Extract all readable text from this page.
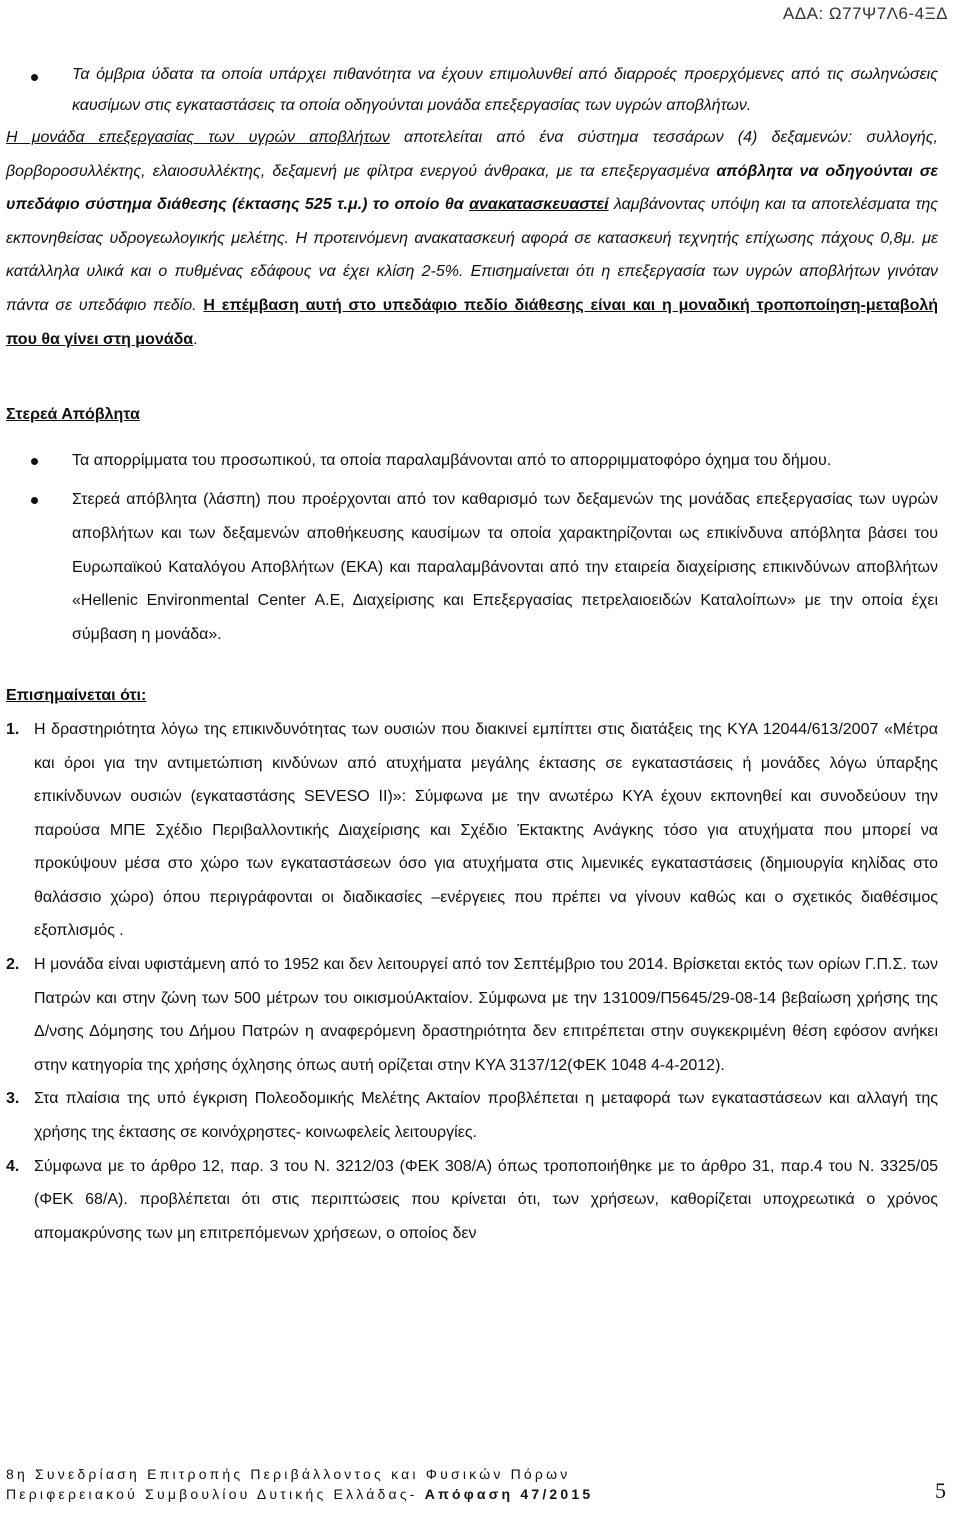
ΑΔΑ: Ω77Ψ7Λ6-4ΞΔ

Τα όμβρια ύδατα τα οποία υπάρχει πιθανότητα να έχουν επιμολυνθεί από διαρροές προερχόμενες από τις σωληνώσεις καυσίμων στις εγκαταστάσεις τα οποία οδηγούνται μονάδα επεξεργασίας των υγρών αποβλήτων.

Η μονάδα επεξεργασίας των υγρών αποβλήτων αποτελείται από ένα σύστημα τεσσάρων (4) δεξαμενών: συλλογής, βορβοροσυλλέκτης, ελαιοσυλλέκτης, δεξαμενή με φίλτρα ενεργού άνθρακα, με τα επεξεργασμένα απόβλητα να οδηγούνται σε υπεδάφιο σύστημα διάθεσης (έκτασης 525 τ.μ.) το οποίο θα ανακατασκευαστεί λαμβάνοντας υπόψη και τα αποτελέσματα της εκπονηθείσας υδρογεωλογικής μελέτης. Η προτεινόμενη ανακατασκευή αφορά σε κατασκευή τεχνητής επίχωσης πάχους 0,8μ. με κατάλληλα υλικά και ο πυθμένας εδάφους να έχει κλίση 2-5%. Επισημαίνεται ότι η επεξεργασία των υγρών αποβλήτων γινόταν πάντα σε υπεδάφιο πεδίο. Η επέμβαση αυτή στο υπεδάφιο πεδίο διάθεσης είναι και η μοναδική τροποποίηση-μεταβολή που θα γίνει στη μονάδα.

Στερεά Απόβλητα

Τα απορρίμματα του προσωπικού, τα οποία παραλαμβάνονται από το απορριμματοφόρο όχημα του δήμου.

Στερεά απόβλητα (λάσπη) που προέρχονται από τον καθαρισμό των δεξαμενών της μονάδας επεξεργασίας των υγρών αποβλήτων και των δεξαμενών αποθήκευσης καυσίμων τα οποία χαρακτηρίζονται ως επικίνδυνα απόβλητα βάσει του Ευρωπαϊκού Καταλόγου Αποβλήτων (ΕΚΑ) και παραλαμβάνονται από την εταιρεία διαχείρισης επικινδύνων αποβλήτων «Hellenic Environmental Center Α.Ε, Διαχείρισης και Επεξεργασίας πετρελαιοειδών Καταλοίπων» με την οποία έχει σύμβαση η μονάδα».

Επισημαίνεται ότι:

1. Η δραστηριότητα λόγω της επικινδυνότητας των ουσιών που διακινεί εμπίπτει στις διατάξεις της ΚΥΑ 12044/613/2007 «Μέτρα και όροι για την αντιμετώπιση κινδύνων από ατυχήματα μεγάλης έκτασης σε εγκαταστάσεις ή μονάδες λόγω ύπαρξης επικίνδυνων ουσιών (εγκαταστάσης SEVESO II)»: Σύμφωνα με την ανωτέρω ΚΥΑ έχουν εκπονηθεί και συνοδεύουν την παρούσα ΜΠΕ Σχέδιο Περιβαλλοντικής Διαχείρισης και Σχέδιο Έκτακτης Ανάγκης τόσο για ατυχήματα που μπορεί να προκύψουν μέσα στο χώρο των εγκαταστάσεων όσο για ατυχήματα στις λιμενικές εγκαταστάσεις (δημιουργία κηλίδας στο θαλάσσιο χώρο) όπου περιγράφονται οι διαδικασίες –ενέργειες που πρέπει να γίνουν καθώς και ο σχετικός διαθέσιμος εξοπλισμός .

2. Η μονάδα είναι υφιστάμενη από το 1952 και δεν λειτουργεί από τον Σεπτέμβριο του 2014. Βρίσκεται εκτός των ορίων Γ.Π.Σ. των Πατρών και στην ζώνη των 500 μέτρων του οικισμούΑκταίον. Σύμφωνα με την 131009/Π5645/29-08-14 βεβαίωση χρήσης της Δ/νσης Δόμησης του Δήμου Πατρών η αναφερόμενη δραστηριότητα δεν επιτρέπεται στην συγκεκριμένη θέση εφόσον ανήκει στην κατηγορία της χρήσης όχλησης όπως αυτή ορίζεται στην ΚΥΑ 3137/12(ΦΕΚ 1048 4-4-2012).

3. Στα πλαίσια της υπό έγκριση Πολεοδομικής Μελέτης Ακταίον προβλέπεται η μεταφορά των εγκαταστάσεων και αλλαγή της χρήσης της έκτασης σε κοινόχρηστες- κοινωφελείς λειτουργίες.

4. Σύμφωνα με το άρθρο 12, παρ. 3 του Ν. 3212/03 (ΦΕΚ 308/Α) όπως τροποποιήθηκε με το άρθρο 31, παρ.4 του Ν. 3325/05 (ΦΕΚ 68/Α). προβλέπεται ότι στις περιπτώσεις που κρίνεται ότι, των χρήσεων, καθορίζεται υποχρεωτικά ο χρόνος απομακρύνσης των μη επιτρεπόμενων χρήσεων, ο οποίος δεν

8η Συνεδρίαση Επιτροπής Περιβάλλοντος και Φυσικών Πόρων
Περιφερειακού Συμβουλίου Δυτικής Ελλάδας- Απόφαση 47/2015	5
